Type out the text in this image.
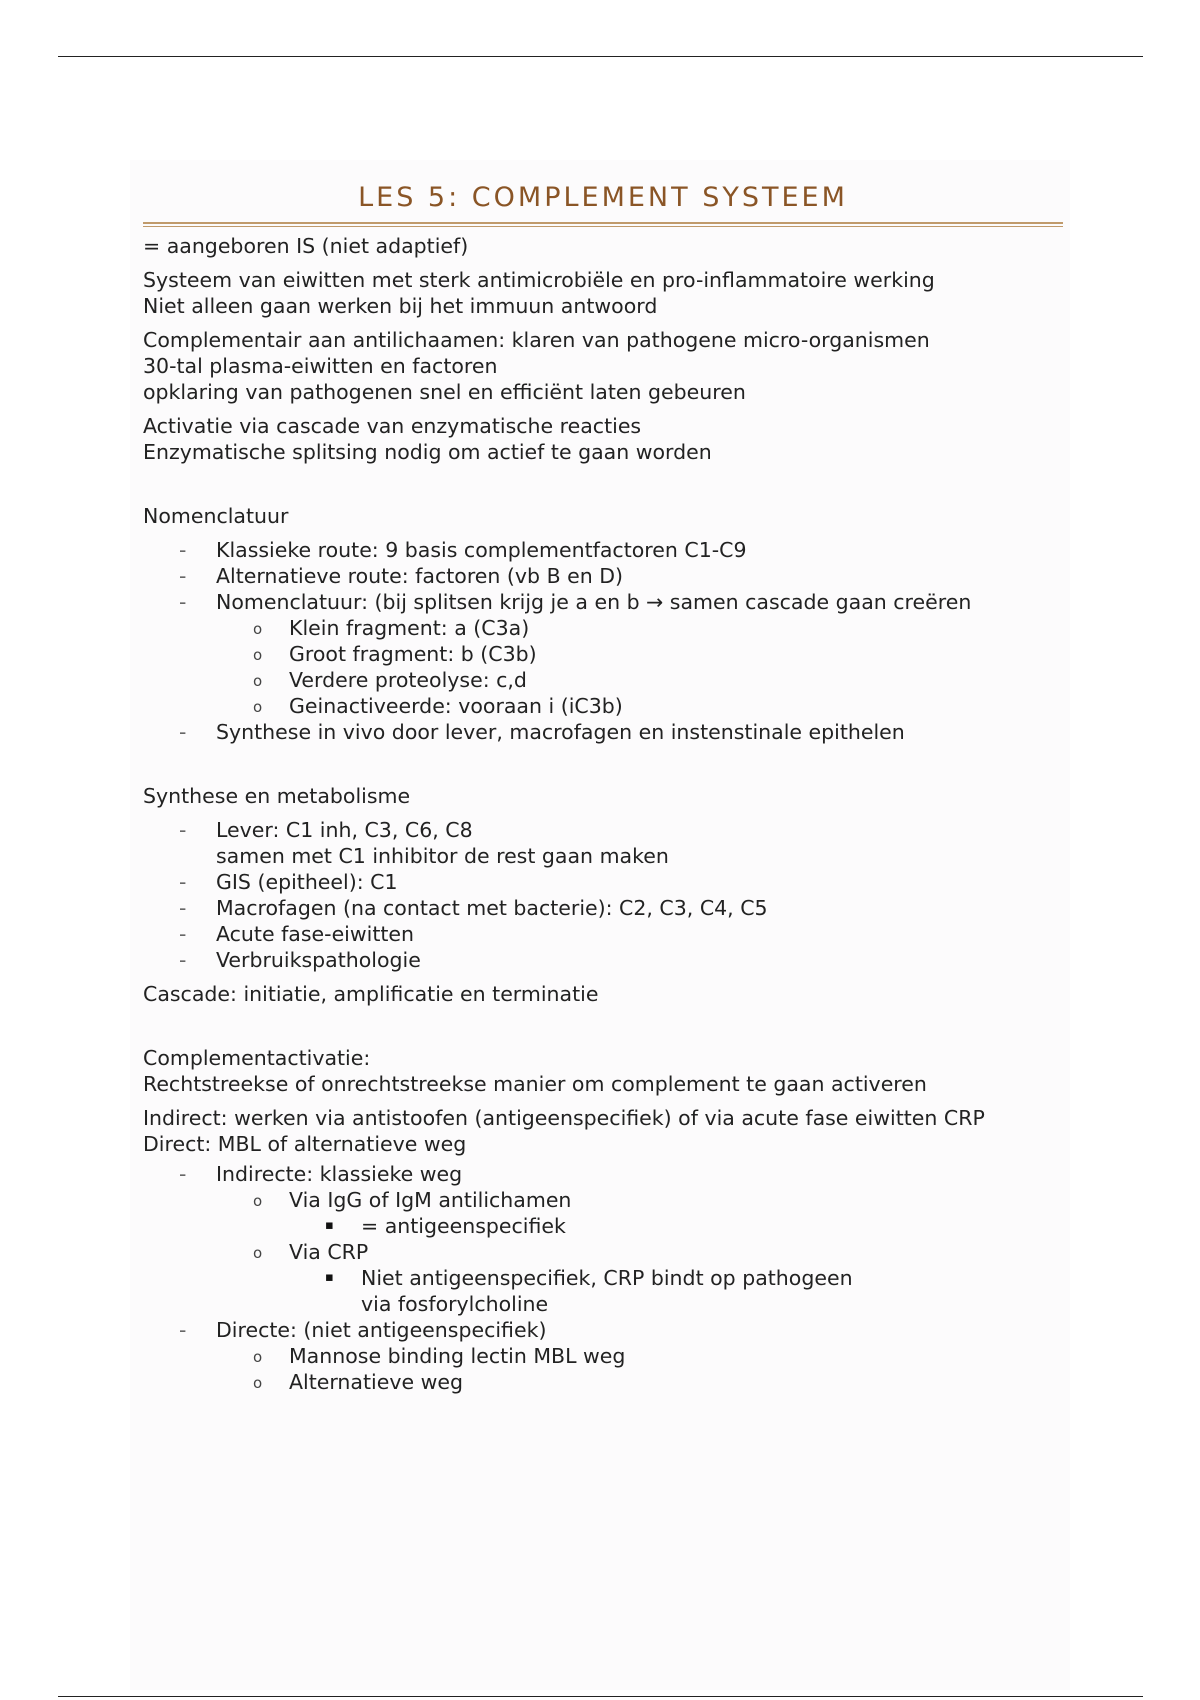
LES 5: COMPLEMENT SYSTEEM

= aangeboren IS (niet adaptief)

Systeem van eiwitten met sterk antimicrobiële en pro-inflammatoire werking

Niet alleen gaan werken bij het immuun antwoord

Complementair aan antilichaamen: klaren van pathogene micro-organismen

30-tal plasma-eiwitten en factoren

opklaring van pathogenen snel en efficiënt laten gebeuren

Activatie via cascade van enzymatische reacties

Enzymatische splitsing nodig om actief te gaan worden

Nomenclatuur

- Klassieke route: 9 basis complementfactoren C1-C9
- Alternatieve route: factoren (vb B en D)
- Nomenclatuur: (bij splitsen krijg je a en b → samen cascade gaan creëren
o Klein fragment: a (C3a)
o Groot fragment: b (C3b)
o Verdere proteolyse: c,d
o Geinactiveerde: vooraan i (iC3b)
- Synthese in vivo door lever, macrofagen en instenstinale epithelen

Synthese en metabolisme

- Lever: C1 inh, C3, C6, C8
samen met C1 inhibitor de rest gaan maken
- GIS (epitheel): C1
- Macrofagen (na contact met bacterie): C2, C3, C4, C5
- Acute fase-eiwitten
- Verbruikspathologie

Cascade: initiatie, amplificatie en terminatie

Complementactivatie:

Rechtstreekse of onrechtstreekse manier om complement te gaan activeren

Indirect: werken via antistoofen (antigeenspecifiek) of via acute fase eiwitten CRP

Direct: MBL of alternatieve weg

- Indirecte: klassieke weg
o Via IgG of IgM antilichamen
▪ = antigeenspecifiek
o Via CRP
▪ Niet antigeenspecifiek, CRP bindt op pathogeen via fosforylcholine
- Directe: (niet antigeenspecifiek)
o Mannose binding lectin MBL weg
o Alternatieve weg
